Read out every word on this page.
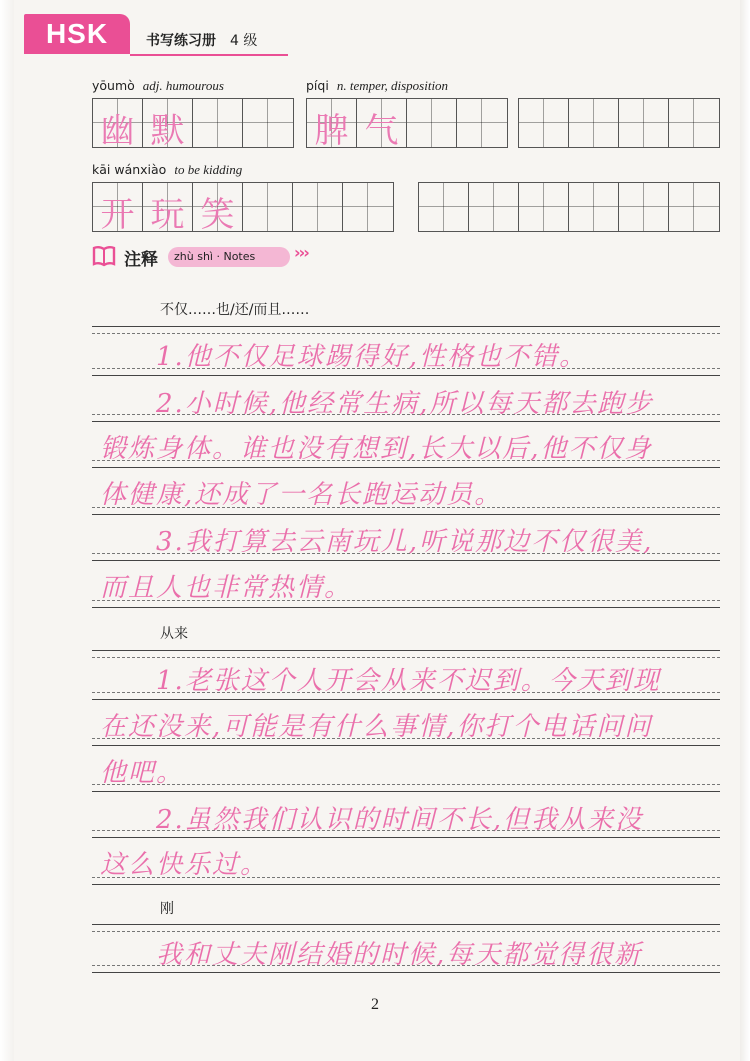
HSK	书写练习册 4 级
yōumò adj. humourous
幽 默
píqi n. temper, disposition
脾 气
kāi wánxiào to be kidding
开 玩 笑
注释	zhù shì · Notes	›››
不仅……也/还/而且……
1.他不仅足球踢得好,性格也不错。
2.小时候,他经常生病,所以每天都去跑步
锻炼身体。谁也没有想到,长大以后,他不仅身
体健康,还成了一名长跑运动员。
3.我打算去云南玩儿,听说那边不仅很美,
而且人也非常热情。
从来
1.老张这个人开会从来不迟到。今天到现
在还没来,可能是有什么事情,你打个电话问问
他吧。
2.虽然我们认识的时间不长,但我从来没
这么快乐过。
刚
我和丈夫刚结婚的时候,每天都觉得很新
2
